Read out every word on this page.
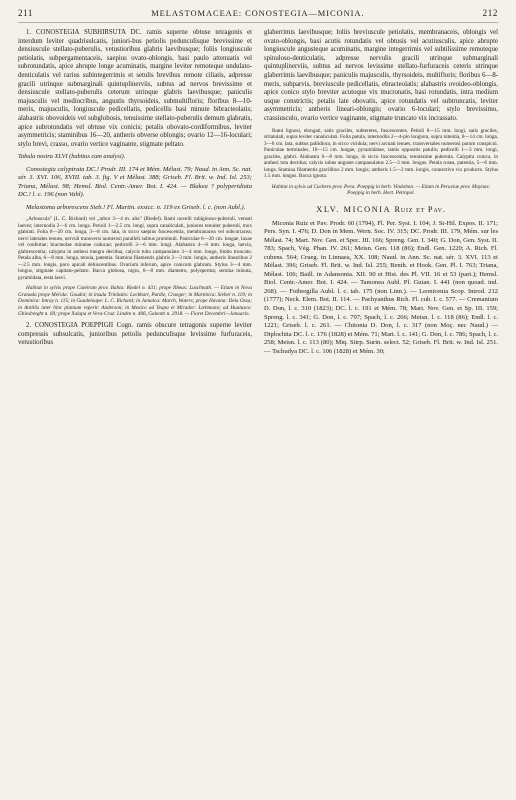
211	MELASTOMACEAE: CONOSTEGIA—MICONIA.	212

1. CONOSTEGIA SUBHIRSUTA DC. ramis superne obtuse tetragonis et interdum leviter quadrisulcatis, juniori-bus petiolis pedunculisque brevissime et densiuscule stellato-puberulis, vetustioribus glabris laevibusque; foliis longiuscule petiolatis, subpergamentaceis, saepius ovato-oblongis, basi paulo attenuatis vel subrotundatis, apice abrupte longe acuminatis, margine leviter remoteque undulato-denticulatis vel rarius subintegerrimis et setulis brevibus remote ciliatis, adpresse gracili utrinque submarginali quintuplinerviis, subtus ad nervos brevissime et densiuscule stellato-puberulis ceterum utrinque glabris laevibusque; paniculis majusculis vel mediocribus, angustis thyrsoideis, submultifloris; floribus 8—10-meris, majusculis, longiuscule pedicellatis, pedicellis basi minute bibracteolatis; alabastris obovoideis vel subglobosis, tenuissime stellato-puberulis demum glabratis, apice subrotundatis vel obtuse vix conicis; petalis obovato-cordiformibus, leviter asymmetricis; staminibus 16—20, antheris obverse oblongis; ovario 12—16-loculari; stylo brevi, crasso, ovario vertice vaginante, stigmate peltato.

Tabula nostra XLVI (habitus cum analysi).

Conostegia calyptrata DC.! Prodr. III. 174 et Mém. Mélast. 79; Naud. in Ann. Sc. nat. sér. 3. XVI. 106, XVIII. tab. 3. fig. V et Mélast. 388; Griseb. Fl. Brit. w. Ind. Isl. 253; Triana, Mélast. 98; Hemsl. Biol. Centr.-Amer. Bot. I. 424. — Blakea ? polyperidiata DC.! l. c. 196 (non Vahl).

Melastoma arborescens Sieb.! Fl. Martin. exsicc. n. 119 ex Griseb. l. c. (non Aubl.).

„Arbuscula" (L. C. Richard) vel „arbor 3—4 m. alta" (Riedel). Rami novelli rubiginoso-puberuli, vetusti laeves; internodia 2—6 cm. longa. Petioli 1—2.5 cm. longi, supra canaliculati, juniores tenuiter puberuli, mox glabrati. Folia 8—20 cm. longa, 3—8 cm. lata, in sicco saepius fuscescentia, membranacea vel subcoriacea; nervi laterales tenues, nervuli transversi numerosi paralleli subtus prominuli. Paniculae 6—20 cm. longae, laxae vel confertae; bracteolae minutae caducae; pedicelli 2—6 mm. longi. Alabastra 4—6 mm. longa, laevia, glabrescentia; calyptra in anthesi integra decidua, calycis tubo campanulato 3—4 mm. longo, limbo truncato. Petala alba, 6—8 mm. longa, tenuia, patentia. Stamina filamentis glabris 2—3 mm. longis, antheris linearibus 2—2.5 mm. longis, poro apicali dehiscentibus. Ovarium inferum, apice conicum glabrum. Stylus 3—4 mm. longus, stigmate capitato-peltato. Bacca globosa, nigra, 6—8 mm. diametro, polysperma; semina minuta, pyramidata, testa laevi.

Habitat in sylvis prope Caieiram prov. Bahia: Riedel n. 431; prope Ilheus: Luschnath. — Etiam in Nova Granada prope Mérida: Goudot; in insula Trinitatis: Lockhart, Purdie, Crueger; in Martinica: Sieber n. 119; in Dominica: Imray n. 115; in Guadeloupe: L. C. Richard; in Jamaica: March, Waters; prope Havana: Dela Ossa; in Antillis inter hinc plantam reperit: Anderson; in Mexico ad Teapa et Mirador: Liebmann; ad Huatusco: Ghiesbreght n. 69; prope Xalapa et Vera-Cruz: Linden n. 406, Galeotti n. 2918. — Floret Decembri—Januario.

2. CONOSTEGIA POEPPIGII Cogn. ramis obscure tetragonis superne leviter compressis subsulcatis, junioribus petiolis pedunculisque levissime furfuraceis, vetustioribus

glaberrimis laevibusque; foliis breviuscule petiolatis, membranaceis, oblongis vel ovato-oblongis, basi acutis rotundatis vel obtusis vel acutiusculis, apice abrupte longiuscule angusteque acuminatis, margine integerrimis vel subtilissime remoteque spinuloso-denticulatis, adpresse nervulis gracili utrinque submarginali quintuplinerviis, subtus ad nervos levissime stellato-furfuraceis ceteris utrinque glaberrimis laevibusque; paniculis majusculis, thyrsoideis, multifloris; floribus 6—8-meris, subparvis, breviuscule pedicellatis, ebracteolatis; alabastris ovoideo-oblongis, apice conico stylo breviter acutoque vix mucronatis, basi rotundatis, intra medium usque constrictis; petalis late obovatis, apice rotundatis vel subtruncatis, leviter asymmetricis; antheris lineari-oblongis; ovario 6-loculari; stylo brevissimo, crassiusculo, ovario vertice vaginante, stigmate truncato vix incrassato.

Rami lignosi, elongati, satis graciles, subteretes, fuscescentes. Petioli 8—15 mm. longi, satis graciles, striatulati, supra leviter canaliculati. Folia patula, internodiis 2—4-plo longiora, supra nitentia, 8—14 cm. longa, 3—6 cm. lata, subtus pallidiora, in sicco viridula; nervi arcuati tenues, transversales numerosi parum conspicui. Paniculae terminales, 10—15 cm. longae, pyramidatae, ramis oppositis patulis; pedicelli 1—3 mm. longi, graciles, glabri. Alabastra 6—8 mm. longa, in sicco fuscescentia, tenuissime puberula. Calyptra conica, in anthesi tota decidua; calycis tubus anguste campanulatus 2.5—3 mm. longus. Petala rosea, patentia, 5—6 mm. longa. Stamina filamentis gracilibus 2 mm. longis; antheris 1.5—2 mm. longis, connectivo vix producto. Stylus 1.5 mm. longus. Bacca ignota.

Habitat in sylvis ad Cuchero prov. Peru: Poeppig in herb. Vindobon. — Etiam in Peruviae prov. Maynas: Poeppig in herb. Hort. Petropol.

XLV. MICONIA Ruiz et Pav.

Miconia Ruiz et Pav. Prodr. 60 (1794), Fl. Per. Syst. I. 104; J. St-Hil. Expos. II. 171; Pers. Syn. I. 476; D. Don in Mem. Wern. Soc. IV. 315; DC. Prodr. III. 179, Mém. sur les Mélast. 74; Mart. Nov. Gen. et Spec. III. 166; Spreng. Gen. I. 340; G. Don, Gen. Syst. II. 783; Spach, Vég. Phan. IV. 261; Meisn. Gen. 118 (86); Endl. Gen. 1220; A. Rich. Fl. cubens. 564; Crueg. in Linnaea, XX. 108; Naud. in Ann. Sc. nat. sér. 3. XVI. 113 et Mélast. 396; Griseb. Fl. Brit. w. Ind. Isl. 255; Benth. et Hook. Gen. Pl. I. 763; Triana, Mélast. 106; Baill. in Adansonia. XII. 90 et Hist. des Pl. VII. 16 et 53 (part.); Hemsl. Biol. Centr.-Amer. Bot. I. 424. — Tamonea Aubl. Pl. Guian. I. 441 (non quoad. ind. 268). — Fothergilla Aubl. l. c. tab. 175 (non Linn.). — Leonicenia Scop. Introd. 212 (1777); Neck. Elem. Bot. II. 114. — Pachyanthus Rich. Fl. cub. I. c. 577. — Cremanium D. Don, l. c. 310 (1823); DC. l. c. 191 et Mém. 78; Mart. Nov. Gen. et Sp. III. 159; Spreng. l. c. 341; G. Don, l. c. 797; Spach, l. c. 266; Meisn. l. c. 118 (86); Endl. l. c. 1221; Griseb. l. c. 261. — Chitonia D. Don, l. c. 317 (non Moç. nec Naud.) — Diplochita DC. l. c. 176 (1828) et Mém. 71; Mart. l. c. 141; G. Don, l. c. 786; Spach, l. c. 258; Meisn. l. c. 113 (80); Miq. Stirp. Surin. select. 52; Griseb. Fl. Brit. w. Ind. Isl. 251. — Tschudya DC. l. c. 106 (1828) et Mém. 30;
